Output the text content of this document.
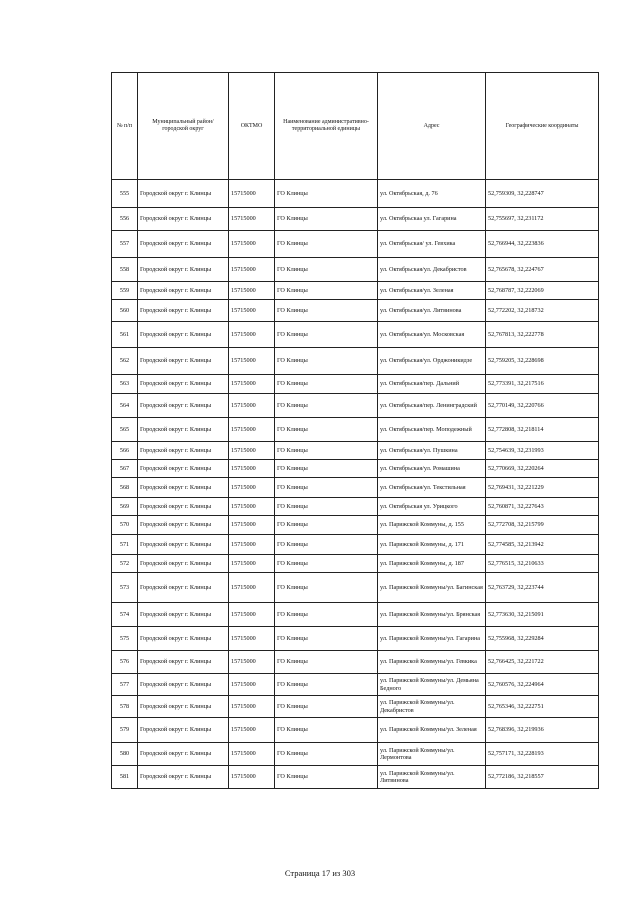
№ п/п	Муниципальный район/городской округ	ОКТМО	Наименование административно-территориальной единицы	Адрес	Географические координаты
555	Городской округ г. Клинцы	15715000	ГО Клинцы	ул. Октябрьская, д. 76	52,759309, 32,228747
556	Городской округ г. Клинцы	15715000	ГО Клинцы	ул. Октябрьскаа ул. Гагарина	52,755697, 32,231172
557	Городской округ г. Клинцы	15715000	ГО Клинцы	ул. Октябрьская/ ул. Гевхика	52,766944, 32,223836
558	Городской округ г. Клинцы	15715000	ГО Клинцы	ул. Октябрьская/ул. Декабристов	52,765678, 32,224767
559	Городской округ г. Клинцы	15715000	ГО Клинцы	ул. Октябрьская/ул. Зеленая	52,768787, 32,222069
560	Городской округ г. Клинцы	15715000	ГО Клинцы	ул. Октябрьская/ул. Литвинова	52,772202, 32,218732
561	Городской округ г. Клинцы	15715000	ГО Клинцы	ул. Октябрьская/ул. Московская	52,767813, 32,222778
562	Городской округ г. Клинцы	15715000	ГО Клинцы	ул. Октябрьская/ул. Орджоникидзе	52,759205, 32,228698
563	Городской округ г. Клинцы	15715000	ГО Клинцы	ул. Октябрьская/пер. Дальний	52,773391, 32,217516
564	Городской округ г. Клинцы	15715000	ГО Клинцы	ул. Октябрьская/пер. Ленинградский	52,770149, 32,220766
565	Городской округ г. Клинцы	15715000	ГО Клинцы	ул. Октябрьская/пер. Моподежный	52,772808, 32,218114
566	Городской округ г. Клинцы	15715000	ГО Клинцы	ул. Октябрьская/ул. Пушкина	52,754639, 32,231993
567	Городской округ г. Клинцы	15715000	ГО Клинцы	ул. Октябрьская/ул. Ромашина	52,770669, 32,220264
568	Городской округ г. Клинцы	15715000	ГО Клинцы	ул. Октябрьская/ул. Текстильная	52,769431, 32,221229
569	Городской округ г. Клинцы	15715000	ГО Клинцы	ул. Октябрьская ул. Урицкого	52,760871, 32,227643
570	Городской округ г. Клинцы	15715000	ГО Клинцы	ул. Парижской Коммуны, д. 155	52,772708, 32,215799
571	Городской округ г. Клинцы	15715000	ГО Клинцы	ул. Парижской Коммуны, д. 171	52,774585, 32,213942
572	Городской округ г. Клинцы	15715000	ГО Клинцы	ул. Парижской Коммуны, д. 187	52,776515, 32,210633
573	Городской округ г. Клинцы	15715000	ГО Клинцы	ул. Парижской Коммуны/ул. Багинская	52,763729, 32,223744
574	Городской округ г. Клинцы	15715000	ГО Клинцы	ул. Парижской Коммуны/ул. Брянская	52,773630, 32,215091
575	Городской округ г. Клинцы	15715000	ГО Клинцы	ул. Парижской Коммуны/ул. Гагарина	52,755968, 32,229284
576	Городской округ г. Клинцы	15715000	ГО Клинцы	ул. Парижской Коммуны/ул. Гевкика	52,766425, 32,221722
577	Городской округ г. Клинцы	15715000	ГО Клинцы	ул. Парижской Коммуны/ул. Демьяна Бедного	52,760576, 32,224964
578	Городской округ г. Клинцы	15715000	ГО Клинцы	ул. Парижской Коммуны/ул. Декабристов	52,765346, 32,222751
579	Городской округ г. Клинцы	15715000	ГО Клинцы	ул. Парижской Коммуны/ул. Зеленая	52,768396, 32,219936
580	Городской округ г. Клинцы	15715000	ГО Клинцы	ул. Парижской Коммуны/ул. Лермонтова	52,757171, 32,228193
581	Городской округ г. Клинцы	15715000	ГО Клинцы	ул. Парижской Коммуны/ул. Литвинова	52,772186, 32,218557
Страница 17 из 303
